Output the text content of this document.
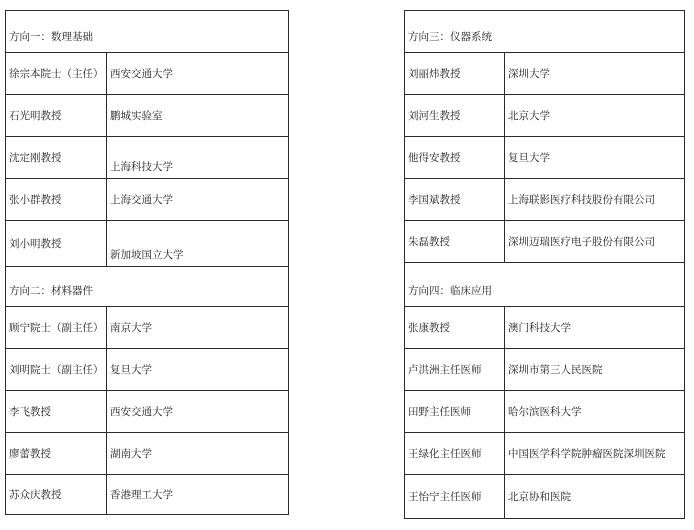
方向一：数理基础	
徐宗本院士（主任）	西安交通大学
石光明教授	鹏城实验室
沈定刚教授	上海科技大学
张小群教授	上海交通大学
刘小明教授	新加坡国立大学
方向二：材料器件	
顾宁院士（副主任）	南京大学
刘明院士（副主任）	复旦大学
李飞教授	西安交通大学
廖蕾教授	湖南大学
苏众庆教授	香港理工大学
方向三：仪器系统	
刘丽炜教授	深圳大学
刘河生教授	北京大学
他得安教授	复旦大学
李国斌教授	上海联影医疗科技股份有限公司
朱磊教授	深圳迈瑞医疗电子股份有限公司
方向四：临床应用	
张康教授	澳门科技大学
卢洪洲主任医师	深圳市第三人民医院
田野主任医师	哈尔滨医科大学
王绿化主任医师	中国医学科学院肿瘤医院深圳医院
王怡宁主任医师	北京协和医院
